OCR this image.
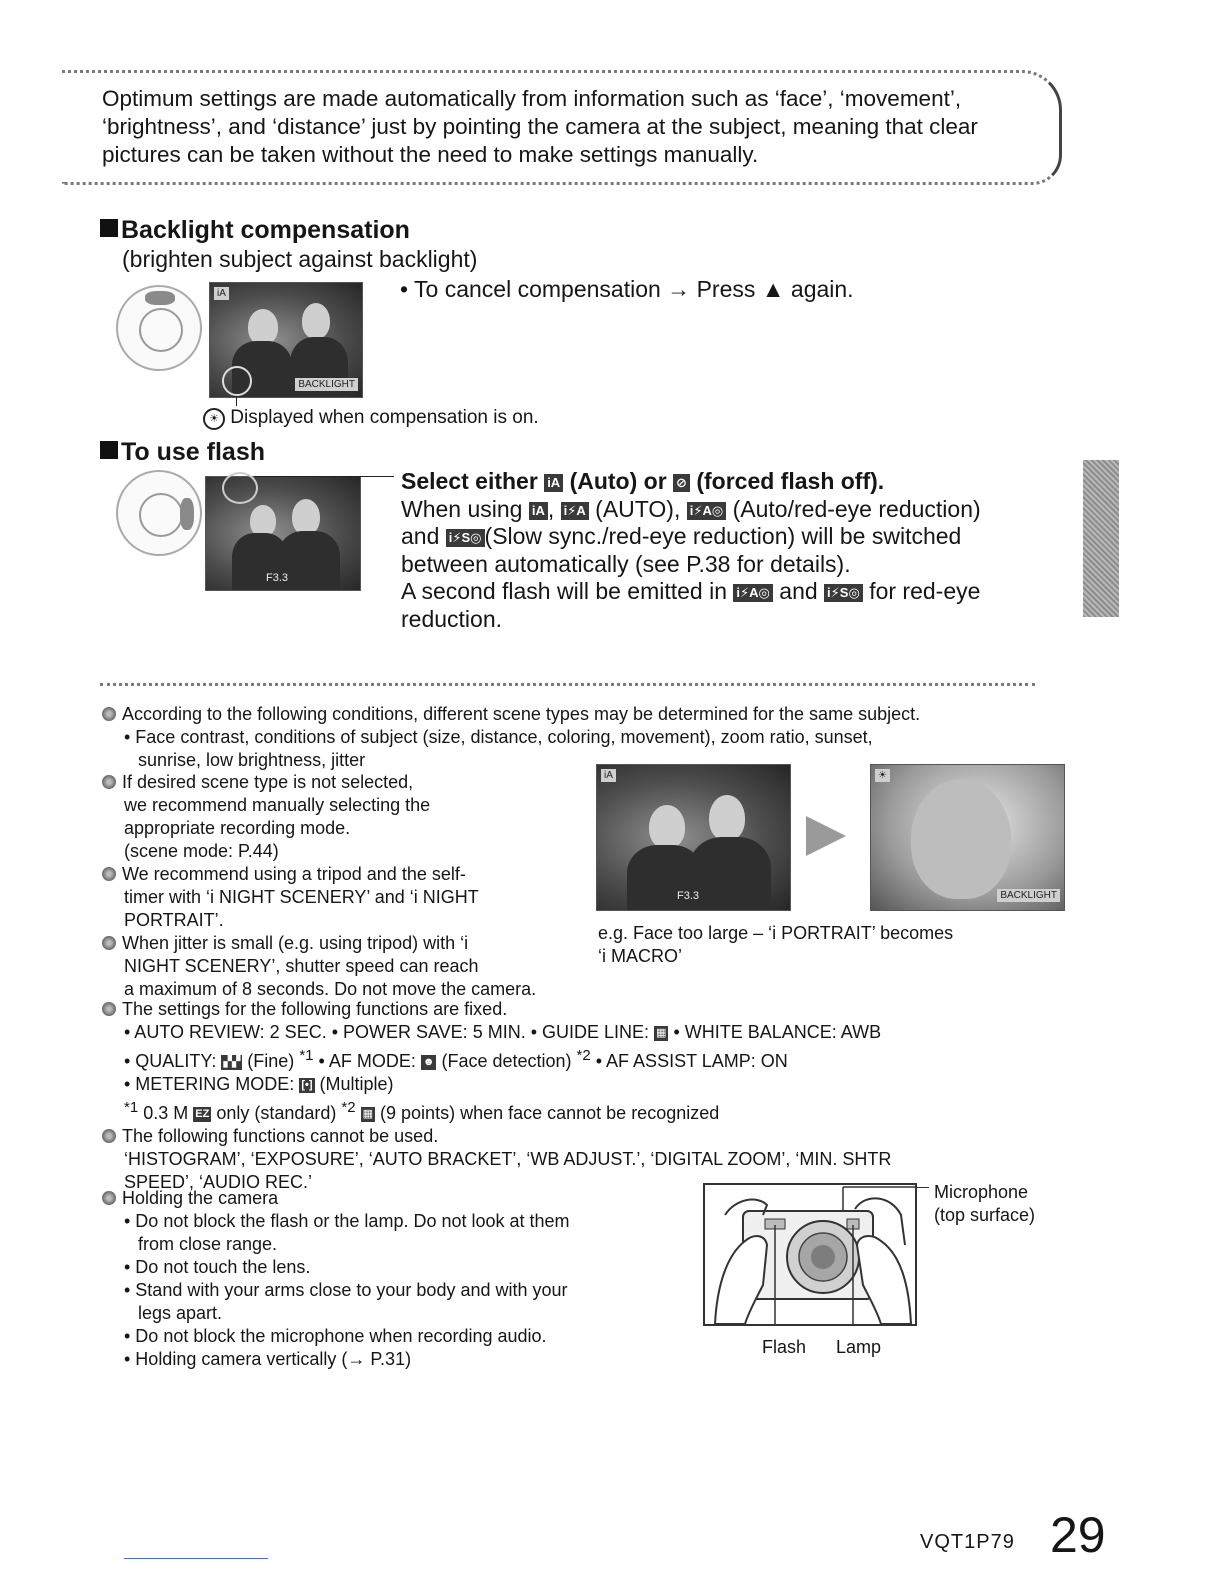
Optimum settings are made automatically from information such as ‘face’, ‘movement’,
‘brightness’, and ‘distance’ just by pointing the camera at the subject, meaning that clear
pictures can be taken without the need to make settings manually.
Backlight compensation
(brighten subject against backlight)
BACKLIGHT
iA	• To cancel compensation → Press ▲ again.
☀ Displayed when compensation is on.
To use flash
F3.3
Select either iA (Auto) or ⊘ (forced flash off).
When using iA , i⚡A (AUTO), i⚡A◎ (Auto/red-eye reduction)
and i⚡S◎ (Slow sync./red-eye reduction) will be switched
between automatically (see P.38 for details).
A second flash will be emitted in i⚡A◎ and i⚡S◎ for red-eye
reduction.
According to the following conditions, different scene types may be determined for the same subject.
• Face contrast, conditions of subject (size, distance, coloring, movement), zoom ratio, sunset,
sunrise, low brightness, jitter
If desired scene type is not selected,
we recommend manually selecting the
appropriate recording mode.
(scene mode: P.44)
We recommend using a tripod and the self-
timer with ‘i NIGHT SCENERY’ and ‘i NIGHT
PORTRAIT’.
When jitter is small (e.g. using tripod) with ‘i
NIGHT SCENERY’, shutter speed can reach
a maximum of 8 seconds. Do not move the camera.
iA
F3.3	BACKLIGHT
☀
e.g. Face too large – ‘i PORTRAIT’ becomes
‘i MACRO’
The settings for the following functions are fixed.
• AUTO REVIEW: 2 SEC. • POWER SAVE: 5 MIN. • GUIDE LINE: ▦ • WHITE BALANCE: AWB
• QUALITY: ▞▞ (Fine) $^{*1}$ • AF MODE: ☻ (Face detection) $^{*2}$ • AF ASSIST LAMP: ON
• METERING MODE: [•] (Multiple)
$^{*1}$ 0.3 M EZ only (standard) $^{*2}$ ▦ (9 points) when face cannot be recognized
The following functions cannot be used.
‘HISTOGRAM’, ‘EXPOSURE’, ‘AUTO BRACKET’, ‘WB ADJUST.’, ‘DIGITAL ZOOM’, ‘MIN. SHTR
SPEED’, ‘AUDIO REC.’
Holding the camera
• Do not block the flash or the lamp. Do not look at them
from close range.
• Do not touch the lens.
• Stand with your arms close to your body and with your
legs apart.
• Do not block the microphone when recording audio.
• Holding camera vertically (→ P.31)
Microphone
(top surface)
Flash Lamp
VQT1P79 29
